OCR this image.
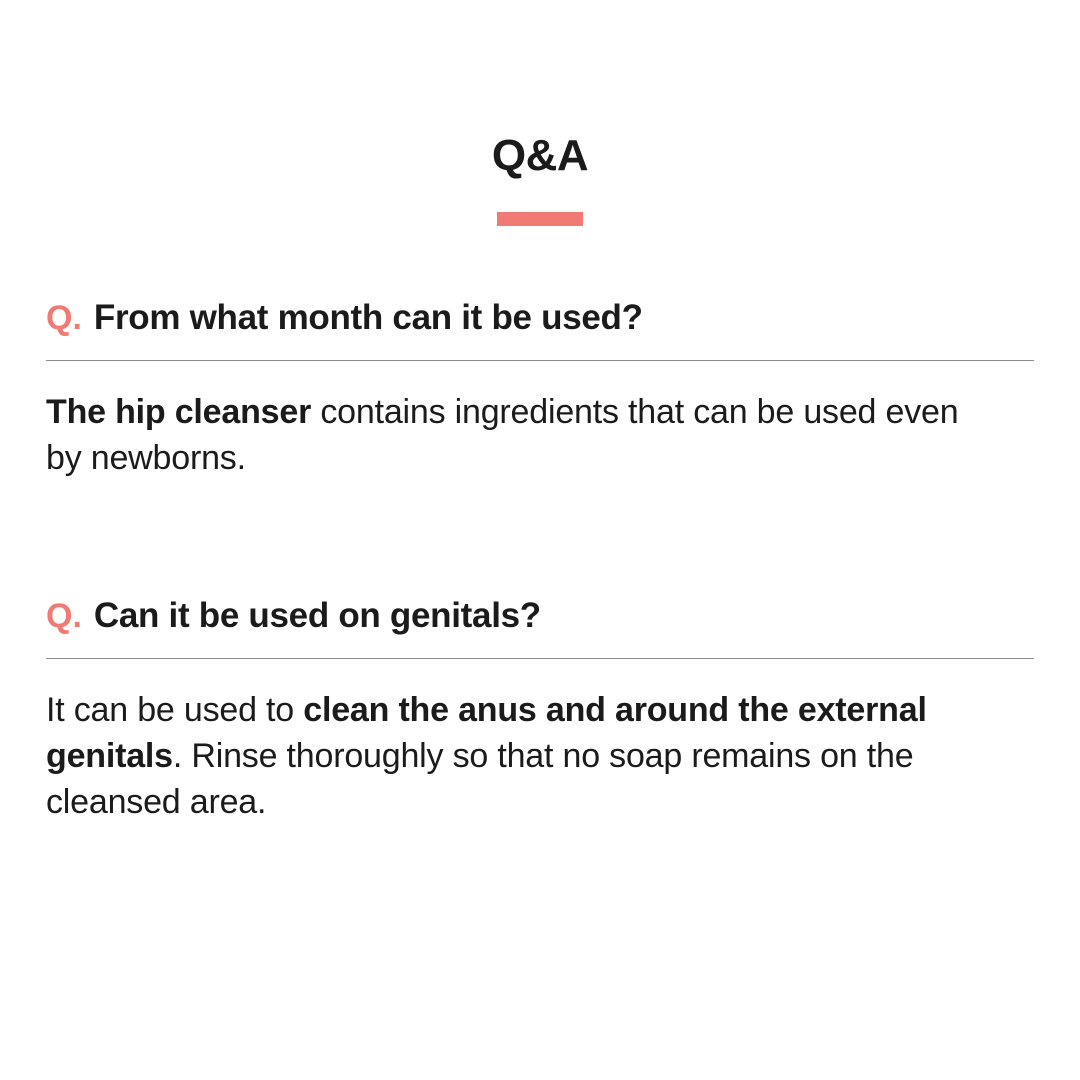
Q&A
Q. From what month can it be used?
The hip cleanser contains ingredients that can be used even by newborns.
Q. Can it be used on genitals?
It can be used to clean the anus and around the external genitals. Rinse thoroughly so that no soap remains on the cleansed area.
